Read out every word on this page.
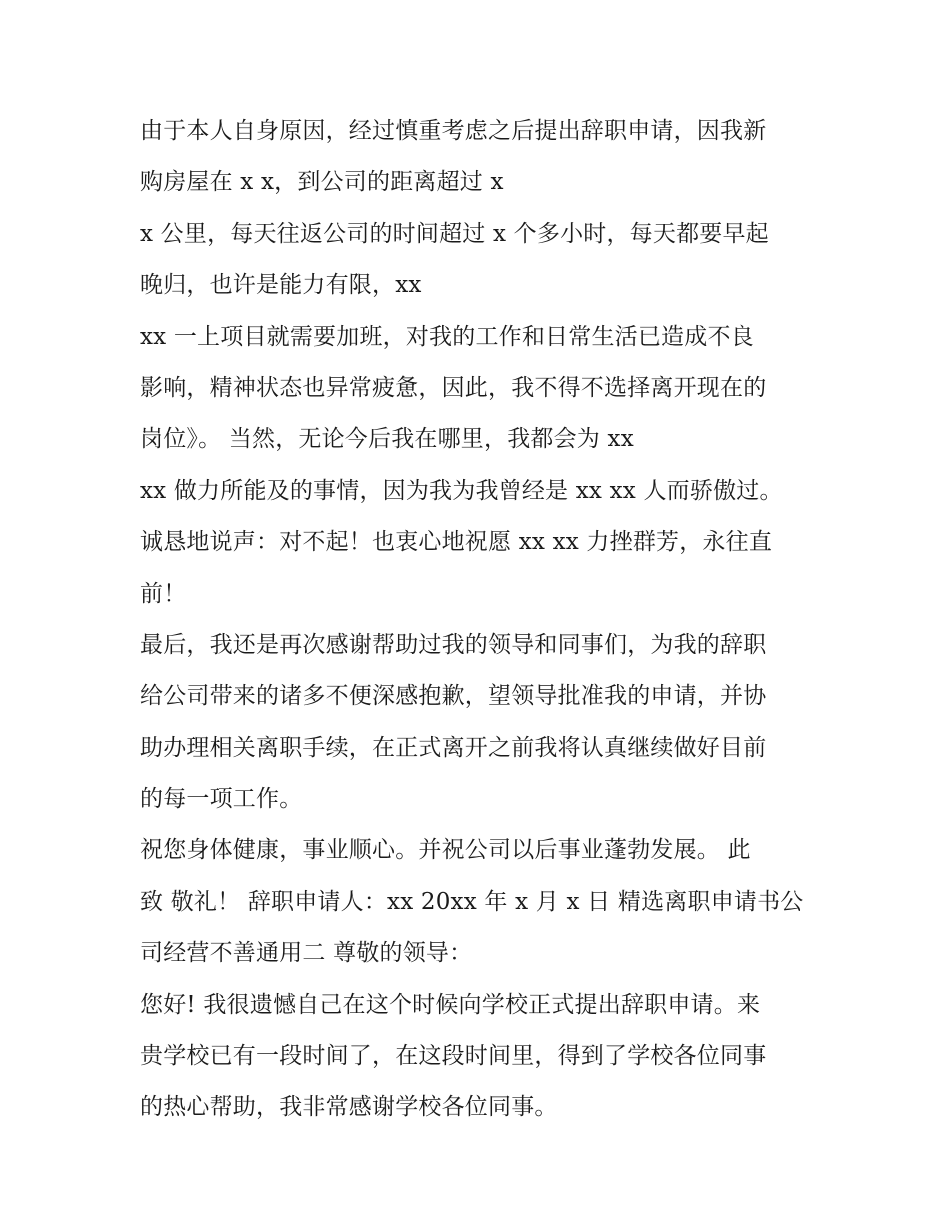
由于本人自身原因，经过慎重考虑之后提出辞职申请，因我新
购房屋在 x x，到公司的距离超过 x
x 公里，每天往返公司的时间超过 x 个多小时，每天都要早起
晚归，也许是能力有限，xx
xx 一上项目就需要加班，对我的工作和日常生活已造成不良
影响，精神状态也异常疲惫，因此，我不得不选择离开现在的
岗位》。 当然，无论今后我在哪里，我都会为 xx
xx 做力所能及的事情，因为我为我曾经是 xx xx 人而骄傲过。
诚恳地说声：对不起！也衷心地祝愿 xx xx 力挫群芳，永往直
前！
最后，我还是再次感谢帮助过我的领导和同事们，为我的辞职
给公司带来的诸多不便深感抱歉，望领导批准我的申请，并协
助办理相关离职手续，在正式离开之前我将认真继续做好目前
的每一项工作。
祝您身体健康，事业顺心。并祝公司以后事业蓬勃发展。 此
致 敬礼！ 辞职申请人：xx 20xx 年 x 月 x 日 精选离职申请书公
司经营不善通用二 尊敬的领导：
您好! 我很遗憾自己在这个时候向学校正式提出辞职申请。来
贵学校已有一段时间了，在这段时间里，得到了学校各位同事
的热心帮助，我非常感谢学校各位同事。
